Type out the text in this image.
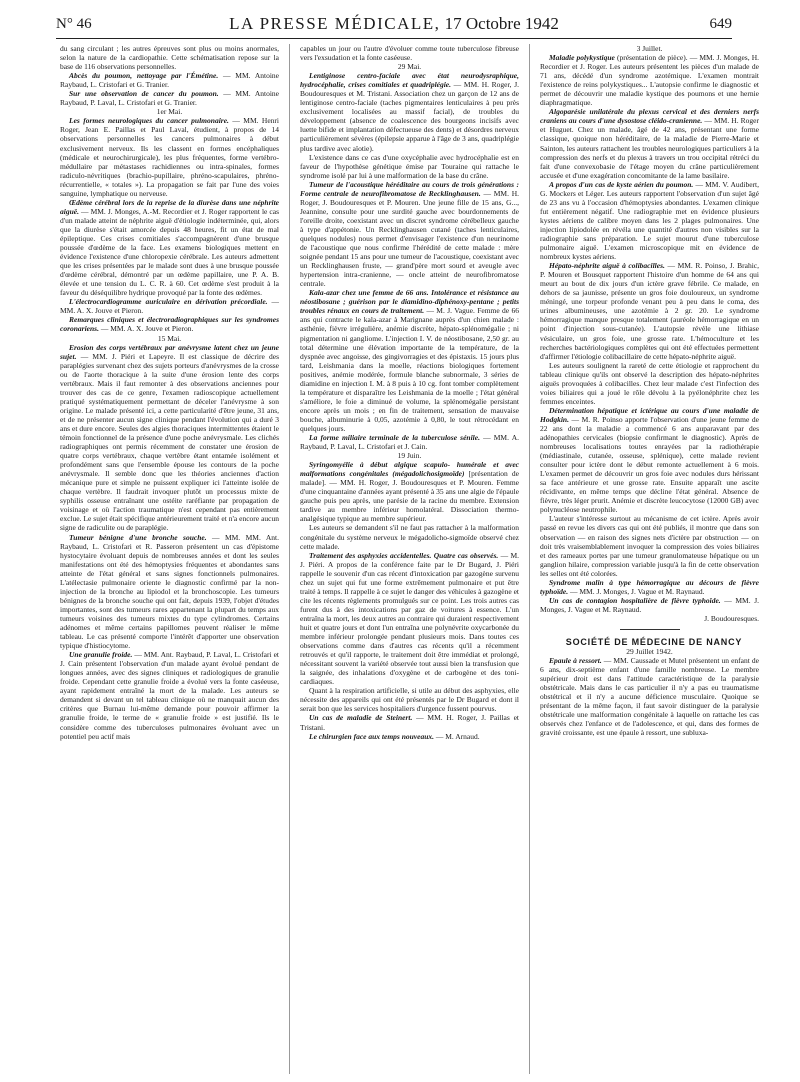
N° 46	LA PRESSE MÉDICALE, 17 Octobre 1942	649

du sang circulant ; les autres épreuves sont plus ou moins anormales, selon la nature de la cardiopathie. Cette schématisation repose sur la base de 116 observations personnelles.

Abcès du poumon, nettoyage par l'Émétine. — MM. Antoine Raybaud, L. Cristofari et G. Tranier.

Sur une observation de cancer du poumon. — MM. Antoine Raybaud, P. Laval, L. Cristofari et G. Tranier.

1er Mai.

Les formes neurologiques du cancer pulmonaire. — MM. Henri Roger, Jean E. Paillas et Paul Laval, étudient, à propos de 14 observations personnelles les cancers pulmonaires à début exclusivement nerveux. Ils les classent en formes encéphaliques (médicale et neurochirurgicale), les plus fréquentes, forme vertébro-médullaire par métastases rachidiennes ou intra-spinales, formes radiculo-névritiques (brachio-pupillaire, phréno-scapulaires, phréno-récurrentielle, « totales »). La propagation se fait par l'une des voies sanguine, lymphatique ou nerveuse.

Œdème cérébral lors de la reprise de la diurèse dans une néphrite aiguë. — MM. J. Monges, A.-M. Recordier et J. Roger rapportent le cas d'un malade atteint de néphrite aiguë d'étiologie indéterminée, qui, alors que la diurèse s'était amorcée depuis 48 heures, fit un état de mal épileptique. Ces crises comitiales s'accompagnèrent d'une brusque poussée d'œdème de la face. Les examens biologiques mettent en évidence l'existence d'une chloropexie cérébrale. Les auteurs admettent que les crises présentées par le malade sont dues à une brusque poussée d'œdème cérébral, démontré par un œdème papillaire, une P. A. B. élevée et une tension du L. C. R. à 60. Cet œdème s'est produit à la faveur du déséquilibre hydrique provoqué par la fonte des œdèmes.

L'électrocardiogramme auriculaire en dérivation précordiale. — MM. A. X. Jouve et Pieron.

Remarques cliniques et électroradiographiques sur les syndromes coronariens. — MM. A. X. Jouve et Pieron.

15 Mai.

Erosion des corps vertébraux par anévrysme latent chez un jeune sujet. — MM. J. Piéri et Lapeyre. Il est classique de décrire des paraplégies survenant chez des sujets porteurs d'anévrysmes de la crosse ou de l'aorte thoracique à la suite d'une érosion lente des corps vertébraux. Mais il faut remonter à des observations anciennes pour trouver des cas de ce genre, l'examen radioscopique actuellement pratiqué systématiquement permettant de déceler l'anévrysme à son origine. Le malade présenté ici, a cette particularité d'être jeune, 31 ans, et de ne présenter aucun signe clinique pendant l'évolution qui a duré 3 ans et dure encore. Seules des algies thoraciques intermittentes étaient le témoin fonctionnel de la présence d'une poche anévrysmale. Les clichés radiographiques ont permis récemment de constater une érosion de quatre corps vertébraux, chaque vertèbre étant entamée isolément et profondément sans que l'ensemble épouse les contours de la poche anévrysmale. Il semble donc que les théories anciennes d'action mécanique pure et simple ne puissent expliquer ici l'atteinte isolée de chaque vertèbre. Il faudrait invoquer plutôt un processus mixte de syphilis osseuse entraînant une ostéite raréfiante par propagation de voisinage et où l'action traumatique n'est cependant pas entièrement exclue. Le sujet était spécifique antérieurement traité et n'a encore aucun signe de radiculite ou de paraplégie.

Tumeur bénigne d'une bronche souche. — MM. MM. Ant. Raybaud, L. Cristofari et R. Passeron présentent un cas d'épistome hystocytaire évoluant depuis de nombreuses années et dont les seules manifestations ont été des hémoptysies fréquentes et abondantes sans atteinte de l'état général et sans signes fonctionnels pulmonaires. L'atélectasie pulmonaire oriente le diagnostic confirmé par la non-injection de la bronche au lipiodol et la bronchoscopie. Les tumeurs bénignes de la bronche souche qui ont fait, depuis 1939, l'objet d'études importantes, sont des tumeurs rares appartenant la plupart du temps aux tumeurs voisines des tumeurs mixtes du type cylindromes. Certains adénomes et même certains papillomes peuvent réaliser le même tableau. Le cas présenté comporte l'intérêt d'apporter une observation typique d'histiocytome.

Une granulie froide. — MM. Ant. Raybaud, P. Laval, L. Cristofari et J. Cain présentent l'observation d'un malade ayant évolué pendant de longues années, avec des signes cliniques et radiologiques de granulie froide. Cependant cette granulie froide a évolué vers la fonte caséeuse, ayant rapidement entraîné la mort de la malade. Les auteurs se demandent si devant un tel tableau clinique où ne manquait aucun des critères que Burnau lui-même demande pour pouvoir affirmer la granulie froide, le terme de « granulie froide » est justifié. Ils le considère comme des tuberculoses pulmonaires évoluant avec un potentiel peu actif mais

capables un jour ou l'autre d'évoluer comme toute tuberculose fibreuse vers l'exsudation et la fonte caséeuse.

29 Mai.

Lentiginose centro-faciale avec état neurodysraphique, hydrocéphalie, crises comitiales et quadriplégie. — MM. H. Roger, J. Boudouresques et M. Tristani. Association chez un garçon de 12 ans de lentiginose centro-faciale (taches pigmentaires lenticulaires à peu près exclusivement localisées au massif facial), de troubles du développement (absence de coalescence des bourgeons incisifs avec luette bifide et implantation défectueuse des dents) et désordres nerveux particulièrement sévères (épilepsie apparue à l'âge de 3 ans, quadriplégie plus tardive avec aïotie).

L'existence dans ce cas d'une oxycéphalie avec hydrocéphalie est en faveur de l'hypothèse génétique émise par Touraine qui rattache le syndrome isolé par lui à une malformation de la base du crâne.

Tumeur de l'acoustique héréditaire au cours de trois générations : Forme centrale de neurofibromatose de Recklinghausen. — MM. H. Roger, J. Boudouresques et P. Mouren. Une jeune fille de 15 ans, G..., Jeannine, consulte pour une surdité gauche avec bourdonnements de l'oreille droite, coexistant avec un discret syndrome cérébelleux gauche à type d'appétonie. Un Recklinghausen cutané (taches lenticulaires, quelques nodules) nous permet d'envisager l'existence d'un neurinome de l'acoustique que nous confirme l'hérédité de cette malade : mère soignée pendant 15 ans pour une tumeur de l'acoustique, coexistant avec un Recklinghausen fruste, — grand'père mort sourd et aveugle avec hypertension intra-cranienne, — oncle atteint de neurofibromatose centrale.

Kala-azar chez une femme de 66 ans. Intolérance et résistance au néostibosane ; guérison par le diamidino-diphénoxy-pentane ; petits troubles rénaux en cours de traitement. — M. J. Vague. Femme de 66 ans qui contracte le kala-azar à Marignane auprès d'un chien malade : asthénie, fièvre irrégulière, anémie discrète, hépato-splénomégalie ; ni pigmentation ni gangliome. L'injection I. V. de néostibosane, 2,50 gr. au total détermine une élévation importante de la température, de la dyspnée avec angoisse, des gingivorragies et des épistaxis. 15 jours plus tard, Leishmania dans la moelle, réactions biologiques fortement positives, anémie modérée, formule blanche subnormale, 3 séries de diamidine en injection I. M. à 8 puis à 10 cg. font tomber complètement la température et disparaître les Leishmania de la moelle ; l'état général s'améliore, le foie a diminué de volume, la splénomégalie persistant encore après un mois ; en fin de traitement, sensation de mauvaise bouche, albuminurie à 0,05, azotémie à 0,80, le tout rétrocédant en quelques jours.

La forme miliaire terminale de la tuberculose sénile. — MM. A. Raybaud, P. Laval, L. Cristofari et J. Cain.

19 Juin.

Syringomyélie à début algique scapulo- humérale et avec malformations congénitales (mégadolichosigmoïde) [présentation de malade]. — MM. H. Roger, J. Boudouresques et P. Mouren. Femme d'une cinquantaine d'années ayant présenté à 35 ans une algie de l'épaule gauche puis peu après, une parésie de la racine du membre. Extension tardive au membre inférieur homolatéral. Dissociation thermo-analgésique typique au membre supérieur.

Les auteurs se demandent s'il ne faut pas rattacher à la malformation congénitale du système nerveux le mégadolicho-sigmoïde observé chez cette malade.

Traitement des asphyxies accidentelles. Quatre cas observés. — M. J. Piéri. A propos de la conférence faite par le Dr Bugard, J. Piéri rappelle le souvenir d'un cas récent d'intoxication par gazogène survenu chez un sujet qui fut une forme extrêmement pulmonaire et put être traité à temps. Il rappelle à ce sujet le danger des véhicules à gazogène et cite les récents règlements promulgués sur ce point. Les trois autres cas furent dus à des intoxications par gaz de voitures à essence. L'un entraîna la mort, les deux autres au contraire qui duraient respectivement huit et quatre jours et dont l'un entraîna une polynévrite oxycarbonée du membre inférieur prolongée pendant plusieurs mois. Dans toutes ces observations comme dans d'autres cas récents qu'il a récemment retrouvés et qu'il rapporte, le traitement doit être immédiat et prolongé, nécessitant souvent la variété observée tout aussi bien la transfusion que la saignée, des inhalations d'oxygène et de carbogène et des toni-cardiaques.

Quant à la respiration artificielle, si utile au début des asphyxies, elle nécessite des appareils qui ont été présentés par le Dr Bugard et dont il serait bon que les services hospitaliers d'urgence fussent pourvus.

Un cas de maladie de Steinert. — MM. H. Roger, J. Paillas et Tristani.

Le chirurgien face aux temps nouveaux. — M. Arnaud.

3 Juillet.

Maladie polykystique (présentation de pièce). — MM. J. Monges, H. Recordier et J. Roger. Les auteurs présentent les pièces d'un malade de 71 ans, décédé d'un syndrome azotémique. L'examen montrait l'existence de reins polykystiques... L'autopsie confirme le diagnostic et permet de découvrir une maladie kystique des poumons et une hernie diaphragmatique.

Algoparésie unilatérale du plexus cervical et des derniers nerfs craniens au cours d'une dysostose cléido-cranienne. — MM. H. Roger et Huguet. Chez un malade, âgé de 42 ans, présentant une forme classique, quoique non héréditaire, de la maladie de Pierre-Marie et Sainton, les auteurs rattachent les troubles neurologiques particuliers à la compression des nerfs et du plexus à travers un trou occipital rétréci du fait d'une convexobasie de l'étage moyen du crâne particulièrement accusée et d'une exagération concomitante de la lame basilaire.

A propos d'un cas de kyste aérien du poumon. — MM. V. Audibert, G. Mockers et Léger. Les auteurs rapportent l'observation d'un sujet âgé de 23 ans vu à l'occasion d'hémoptysies abondantes. L'examen clinique fut entièrement négatif. Une radiographie met en évidence plusieurs kystes aériens de calibre moyen dans les 2 plages pulmonaires. Une injection lipiodolée en révéla une quantité d'autres non visibles sur la radiographie sans préparation. Le sujet mourut d'une tuberculose pulmonaire aiguë. L'examen microscopique mit en évidence de nombreux kystes aériens.

Hépato-néphrite aiguë à colibacilles. — MM. R. Poinso, J. Brahic, P. Mouren et Bousquet rapportent l'histoire d'un homme de 64 ans qui meurt au bout de dix jours d'un ictère grave fébrile. Ce malade, en dehors de sa jaunisse, présente un gros foie douloureux, un syndrome méningé, une torpeur profonde venant peu à peu dans le coma, des urines albumineuses, une azotémie à 2 gr. 20. Le syndrome hémorragique manque presque totalement (auréole hémorragique en un point d'injection sous-cutanée). L'autopsie révèle une lithiase vésiculaire, un gros foie, une grosse rate. L'hémoculture et les recherches bactériologiques complètes qui ont été effectuées permettent d'affirmer l'étiologie colibacillaire de cette hépato-néphrite aiguë.

Les auteurs soulignent la rareté de cette étiologie et rapprochent du tableau clinique qu'ils ont observé la description des hépato-néphrites aiguës provoquées à colibacilles. Chez leur malade c'est l'infection des voies biliaires qui a joué le rôle dévolu à la pyélonéphrite chez les femmes enceintes.

Détermination hépatique et ictérique au cours d'une maladie de Hodgkin. — M. R. Poinso apporte l'observation d'une jeune femme de 22 ans dont la maladie a commencé 6 ans auparavant par des adénopathies cervicales (biopsie confirmant le diagnostic). Après de nombreuses localisations toutes enrayées par la radiothérapie (médiastinale, cutanée, osseuse, splénique), cette malade revient consulter pour ictère dont le début remonte actuellement à 6 mois. L'examen permet de découvrir un gros foie avec nodules durs hérissant sa face antérieure et une grosse rate. Ensuite apparaît une ascite récidivante, en même temps que décline l'état général. Absence de fièvre, très léger prurit. Anémie et discrète leucocytose (12000 GB) avec polynucléose neutrophile.

L'auteur s'intéresse surtout au mécanisme de cet ictère. Après avoir passé en revue les divers cas qui ont été publiés, il montre que dans son observation — en raison des signes nets d'ictère par obstruction — on doit très vraisemblablement invoquer la compression des voies biliaires et des rameaux portes par une tumeur granulomateuse hépatique ou un ganglion hilaire, compression variable jusqu'à la fin de cette observation les selles ont été colorées.

Syndrome malin à type hémorragique au décours de fièvre typhoïde. — MM. J. Monges, J. Vague et M. Raynaud.

Un cas de contagion hospitalière de fièvre typhoïde. — MM. J. Monges, J. Vague et M. Raynaud.

J. Boudouresques.

SOCIÉTÉ DE MÉDECINE DE NANCY

29 Juillet 1942.

Epaule à ressort. — MM. Caussade et Mutel présentent un enfant de 6 ans, dix-septième enfant d'une famille nombreuse. Le membre supérieur droit est dans l'attitude caractéristique de la paralysie obstétricale. Mais dans le cas particulier il n'y a pas eu traumatisme obstétrical et il n'y a aucune déficience musculaire. Quoique se présentant de la même façon, il faut savoir distinguer de la paralysie obstétricale une malformation congénitale à laquelle on rattache les cas observés chez l'enfance et de l'adolescence, et qui, dans des formes de gravité croissante, est une épaule à ressort, une subluxa-
